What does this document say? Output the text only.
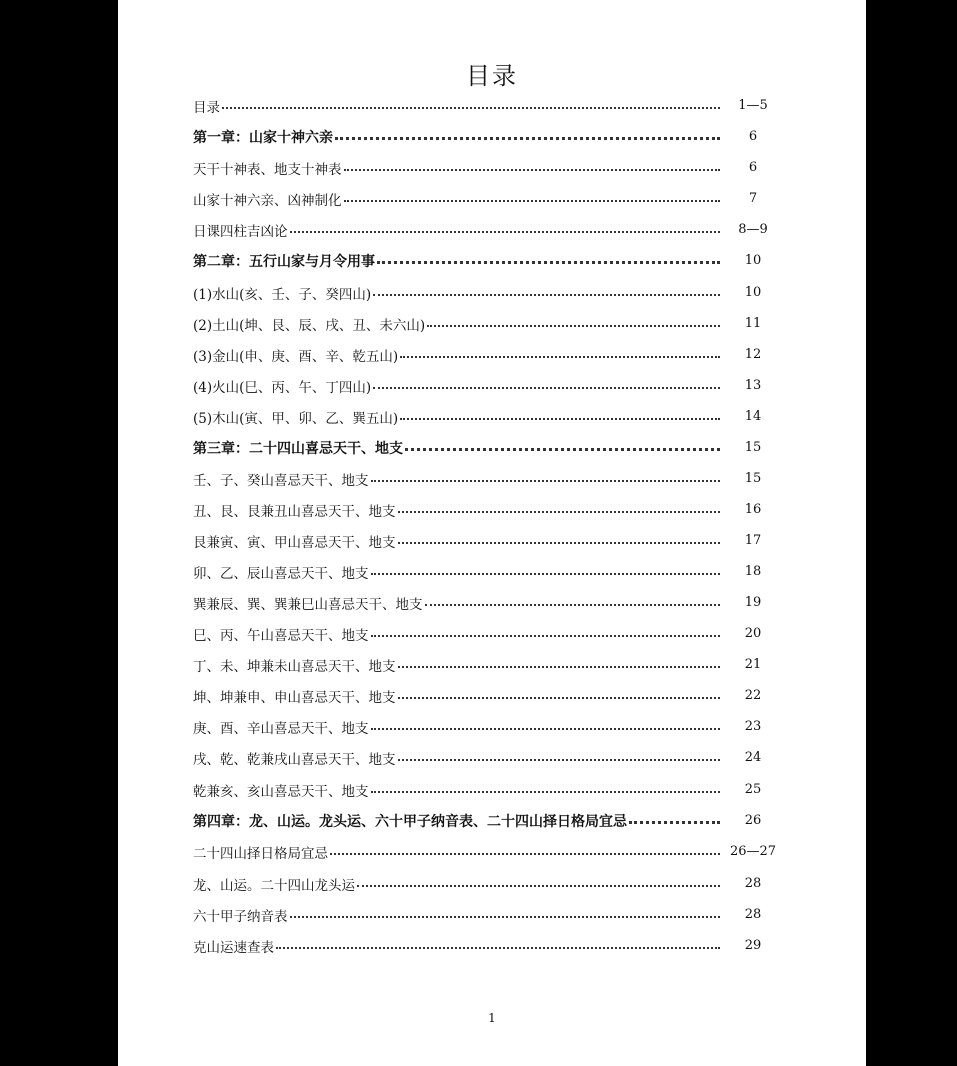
目录
目录	1—5
第一章：山家十神六亲	6
天干十神表、地支十神表	6
山家十神六亲、凶神制化	7
日课四柱吉凶论	8—9
第二章：五行山家与月令用事	10
(1)水山(亥、壬、子、癸四山)	10
(2)土山(坤、艮、辰、戌、丑、未六山)	11
(3)金山(申、庚、酉、辛、乾五山)	12
(4)火山(巳、丙、午、丁四山)	13
(5)木山(寅、甲、卯、乙、巽五山)	14
第三章：二十四山喜忌天干、地支	15
壬、子、癸山喜忌天干、地支	15
丑、艮、艮兼丑山喜忌天干、地支	16
艮兼寅、寅、甲山喜忌天干、地支	17
卯、乙、辰山喜忌天干、地支	18
巽兼辰、巽、巽兼巳山喜忌天干、地支	19
巳、丙、午山喜忌天干、地支	20
丁、未、坤兼未山喜忌天干、地支	21
坤、坤兼申、申山喜忌天干、地支	22
庚、酉、辛山喜忌天干、地支	23
戌、乾、乾兼戌山喜忌天干、地支	24
乾兼亥、亥山喜忌天干、地支	25
第四章：龙、山运。龙头运、六十甲子纳音表、二十四山择日格局宜忌	26
二十四山择日格局宜忌	26—27
龙、山运。二十四山龙头运	28
六十甲子纳音表	28
克山运速查表	29
1
